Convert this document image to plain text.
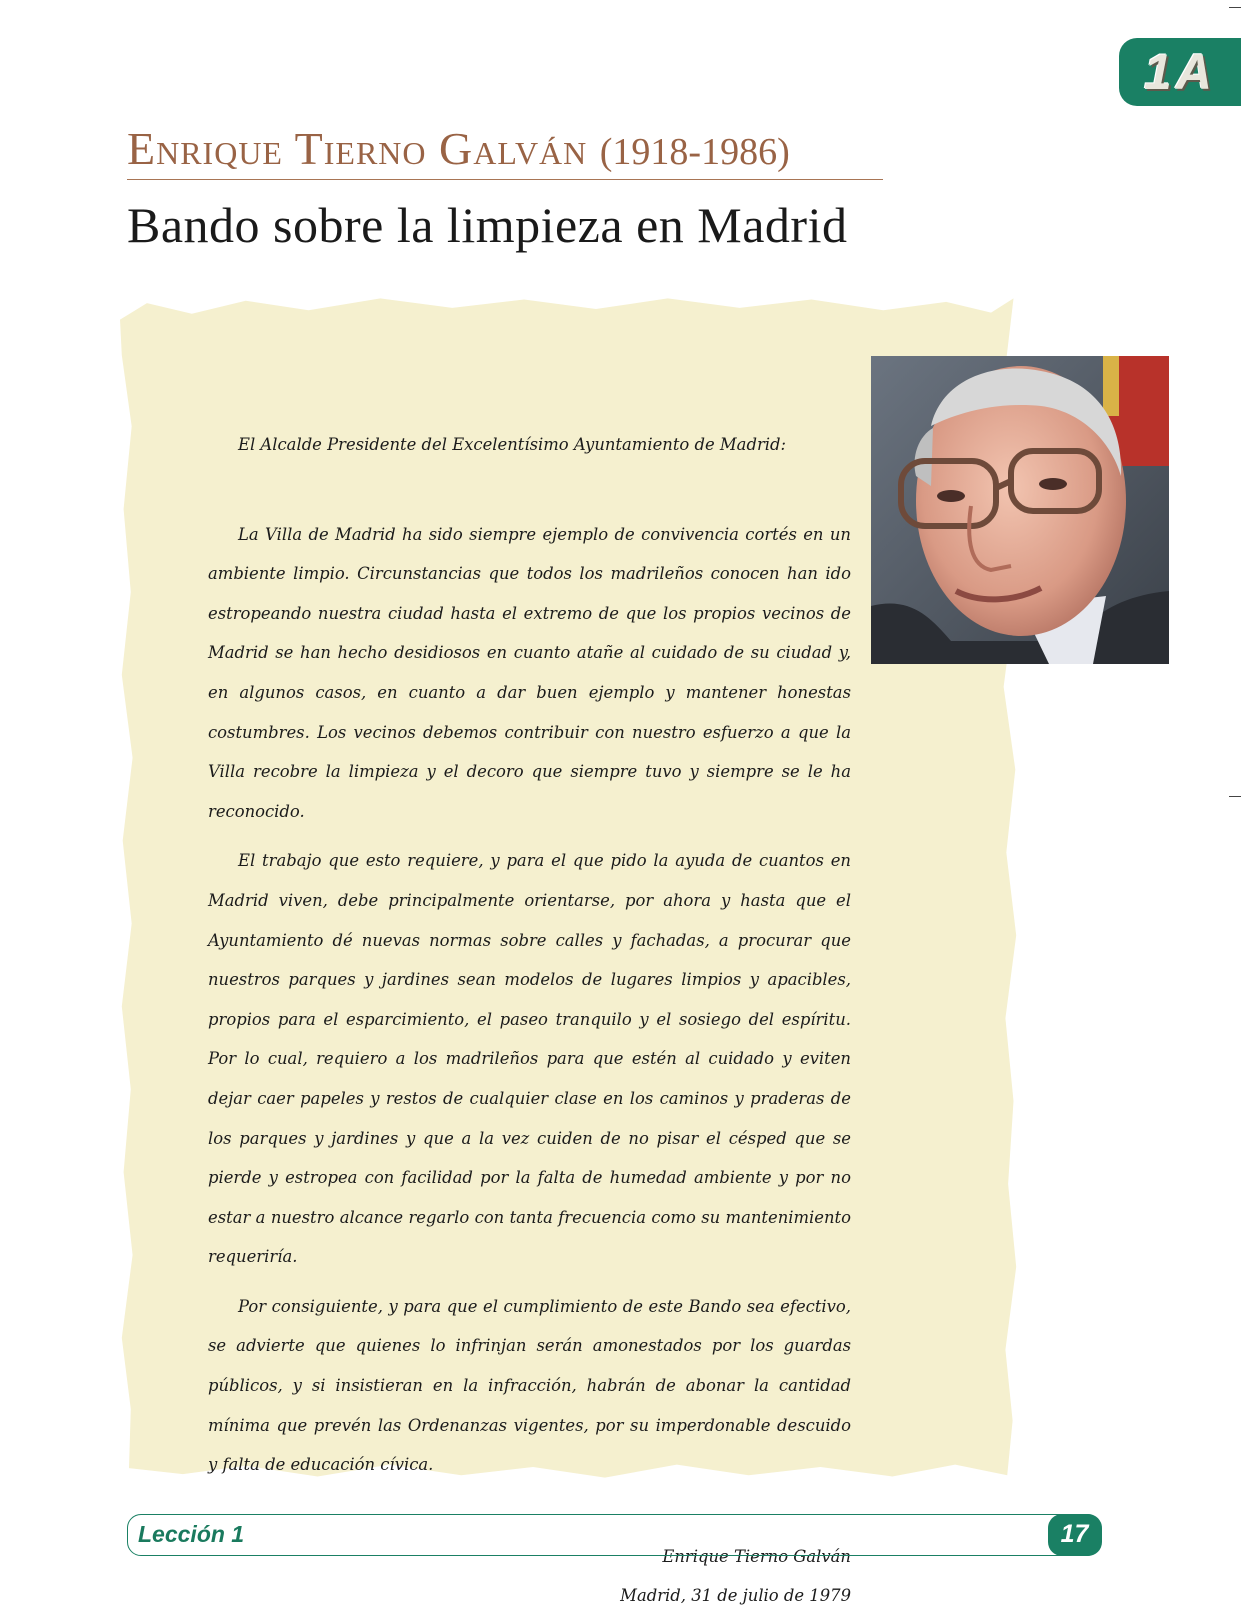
1A
Enrique Tierno Galván (1918-1986)
Bando sobre la limpieza en Madrid

El Alcalde Presidente del Excelentísimo Ayuntamiento de Madrid:

La Villa de Madrid ha sido siempre ejemplo de convivencia cortés en un ambiente limpio. Circunstancias que todos los madrileños conocen han ido estropeando nuestra ciudad hasta el extremo de que los propios vecinos de Madrid se han hecho desidiosos en cuanto atañe al cuidado de su ciudad y, en algunos casos, en cuanto a dar buen ejemplo y mantener honestas costumbres. Los vecinos debemos contribuir con nuestro esfuerzo a que la Villa recobre la limpieza y el decoro que siempre tuvo y siempre se le ha reconocido.

El trabajo que esto requiere, y para el que pido la ayuda de cuantos en Madrid viven, debe principalmente orientarse, por ahora y hasta que el Ayuntamiento dé nuevas normas sobre calles y fachadas, a procurar que nuestros parques y jardines sean modelos de lugares limpios y apacibles, propios para el esparcimiento, el paseo tranquilo y el sosiego del espíritu. Por lo cual, requiero a los madrileños para que estén al cuidado y eviten dejar caer papeles y restos de cualquier clase en los caminos y praderas de los parques y jardines y que a la vez cuiden de no pisar el césped que se pierde y estropea con facilidad por la falta de humedad ambiente y por no estar a nuestro alcance regarlo con tanta frecuencia como su mantenimiento requeriría.

Por consiguiente, y para que el cumplimiento de este Bando sea efectivo, se advierte que quienes lo infrinjan serán amonestados por los guardas públicos, y si insistieran en la infracción, habrán de abonar la cantidad mínima que prevén las Ordenanzas vigentes, por su imperdonable descuido y falta de educación cívica.

Enrique Tierno Galván
Madrid, 31 de julio de 1979
Lección 1	17
